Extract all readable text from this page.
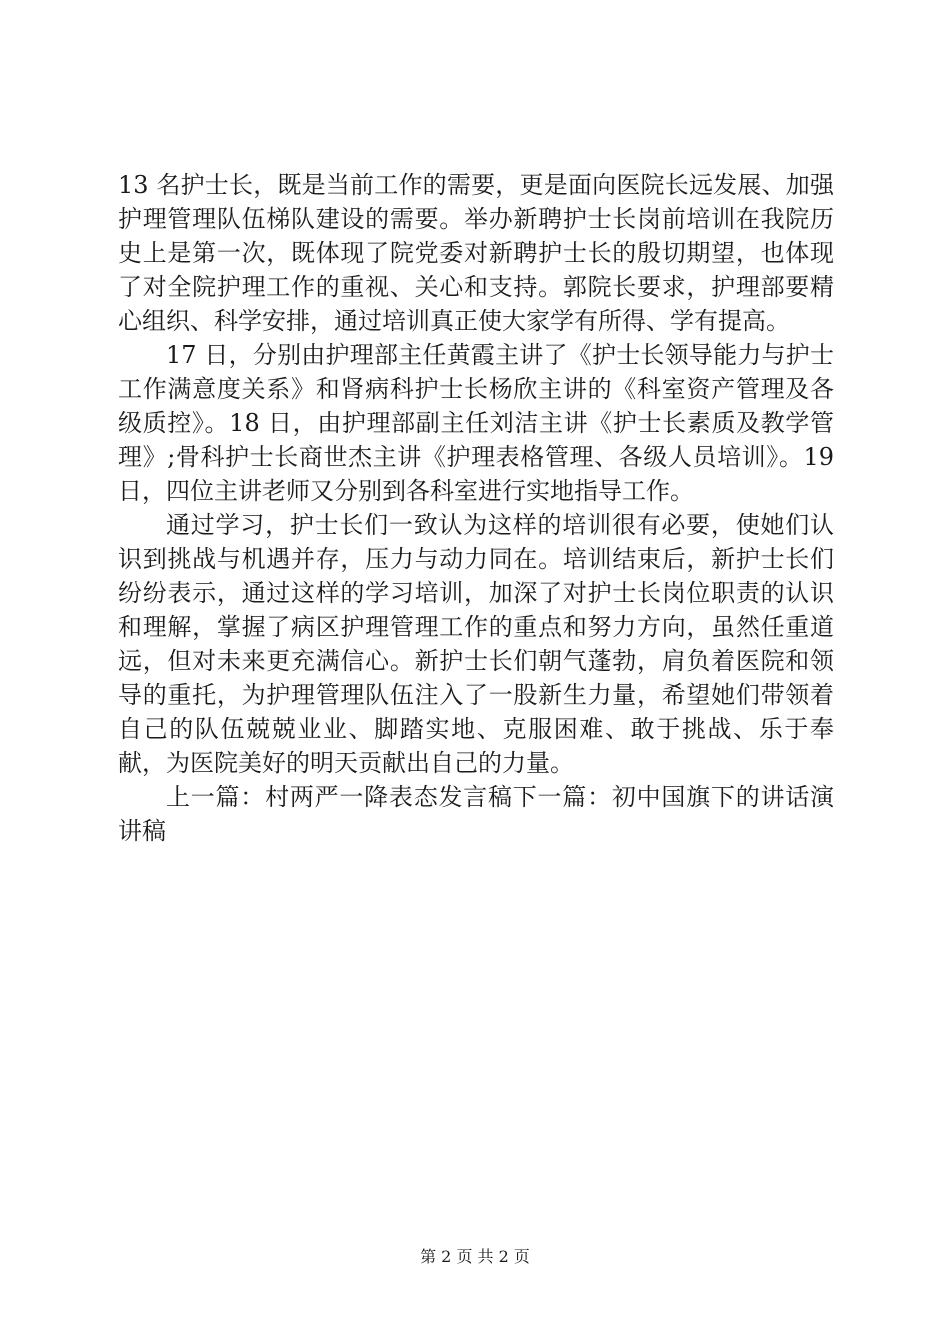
13 名护士长，既是当前工作的需要，更是面向医院长远发展、加强护理管理队伍梯队建设的需要。举办新聘护士长岗前培训在我院历史上是第一次，既体现了院党委对新聘护士长的殷切期望，也体现了对全院护理工作的重视、关心和支持。郭院长要求，护理部要精心组织、科学安排，通过培训真正使大家学有所得、学有提高。

17 日，分别由护理部主任黄霞主讲了《护士长领导能力与护士工作满意度关系》和肾病科护士长杨欣主讲的《科室资产管理及各级质控》。18 日，由护理部副主任刘洁主讲《护士长素质及教学管理》;骨科护士长商世杰主讲《护理表格管理、各级人员培训》。19 日，四位主讲老师又分别到各科室进行实地指导工作。

通过学习，护士长们一致认为这样的培训很有必要，使她们认识到挑战与机遇并存，压力与动力同在。培训结束后，新护士长们纷纷表示，通过这样的学习培训，加深了对护士长岗位职责的认识和理解，掌握了病区护理管理工作的重点和努力方向，虽然任重道远，但对未来更充满信心。新护士长们朝气蓬勃，肩负着医院和领导的重托，为护理管理队伍注入了一股新生力量，希望她们带领着自己的队伍兢兢业业、脚踏实地、克服困难、敢于挑战、乐于奉献，为医院美好的明天贡献出自己的力量。

上一篇：村两严一降表态发言稿下一篇：初中国旗下的讲话演讲稿

第 2 页 共 2 页
